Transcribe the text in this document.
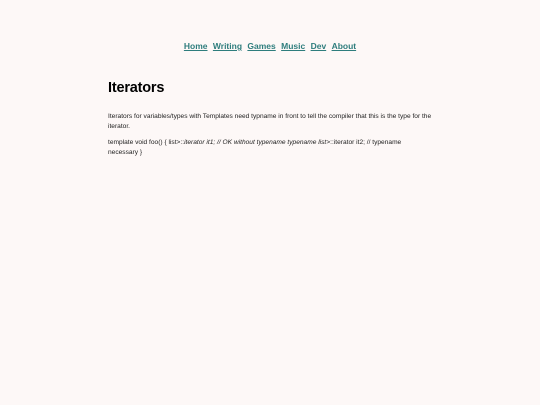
Home Writing Games Music Dev About
Iterators

Iterators for variables/types with Templates need typname in front to tell the compiler that this is the type for the iterator.

template void foo() { list>::iterator it1; // OK without typename typename list>::iterator it2; // typename necessary }
